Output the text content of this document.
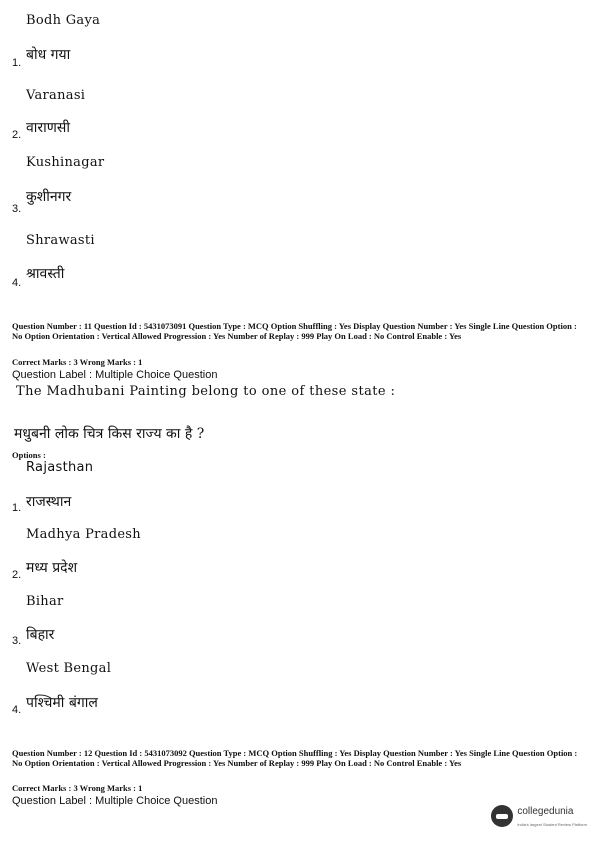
Bodh Gaya
1. बोध गया
Varanasi
2. वाराणसी
Kushinagar
3.
कुशीनगर
Shrawasti
4.
श्रावस्ती
Question Number : 11 Question Id : 5431073091 Question Type : MCQ Option Shuffling : Yes Display Question Number : Yes Single Line Question Option : No Option Orientation : Vertical Allowed Progression : Yes Number of Replay : 999 Play On Load : No Control Enable : Yes
Correct Marks : 3 Wrong Marks : 1
Question Label : Multiple Choice Question
The Madhubani Painting belong to one of these state :
मधुबनी लोक चित्र किस राज्य का है ?
Options :
Rajasthan
1. राजस्थान
Madhya Pradesh
2. मध्य प्रदेश
Bihar
3. बिहार
West Bengal
4. पश्चिमी बंगाल
Question Number : 12 Question Id : 5431073092 Question Type : MCQ Option Shuffling : Yes Display Question Number : Yes Single Line Question Option : No Option Orientation : Vertical Allowed Progression : Yes Number of Replay : 999 Play On Load : No Control Enable : Yes
Correct Marks : 3 Wrong Marks : 1
Question Label : Multiple Choice Question
collegedunia
India's largest Student Review Platform
